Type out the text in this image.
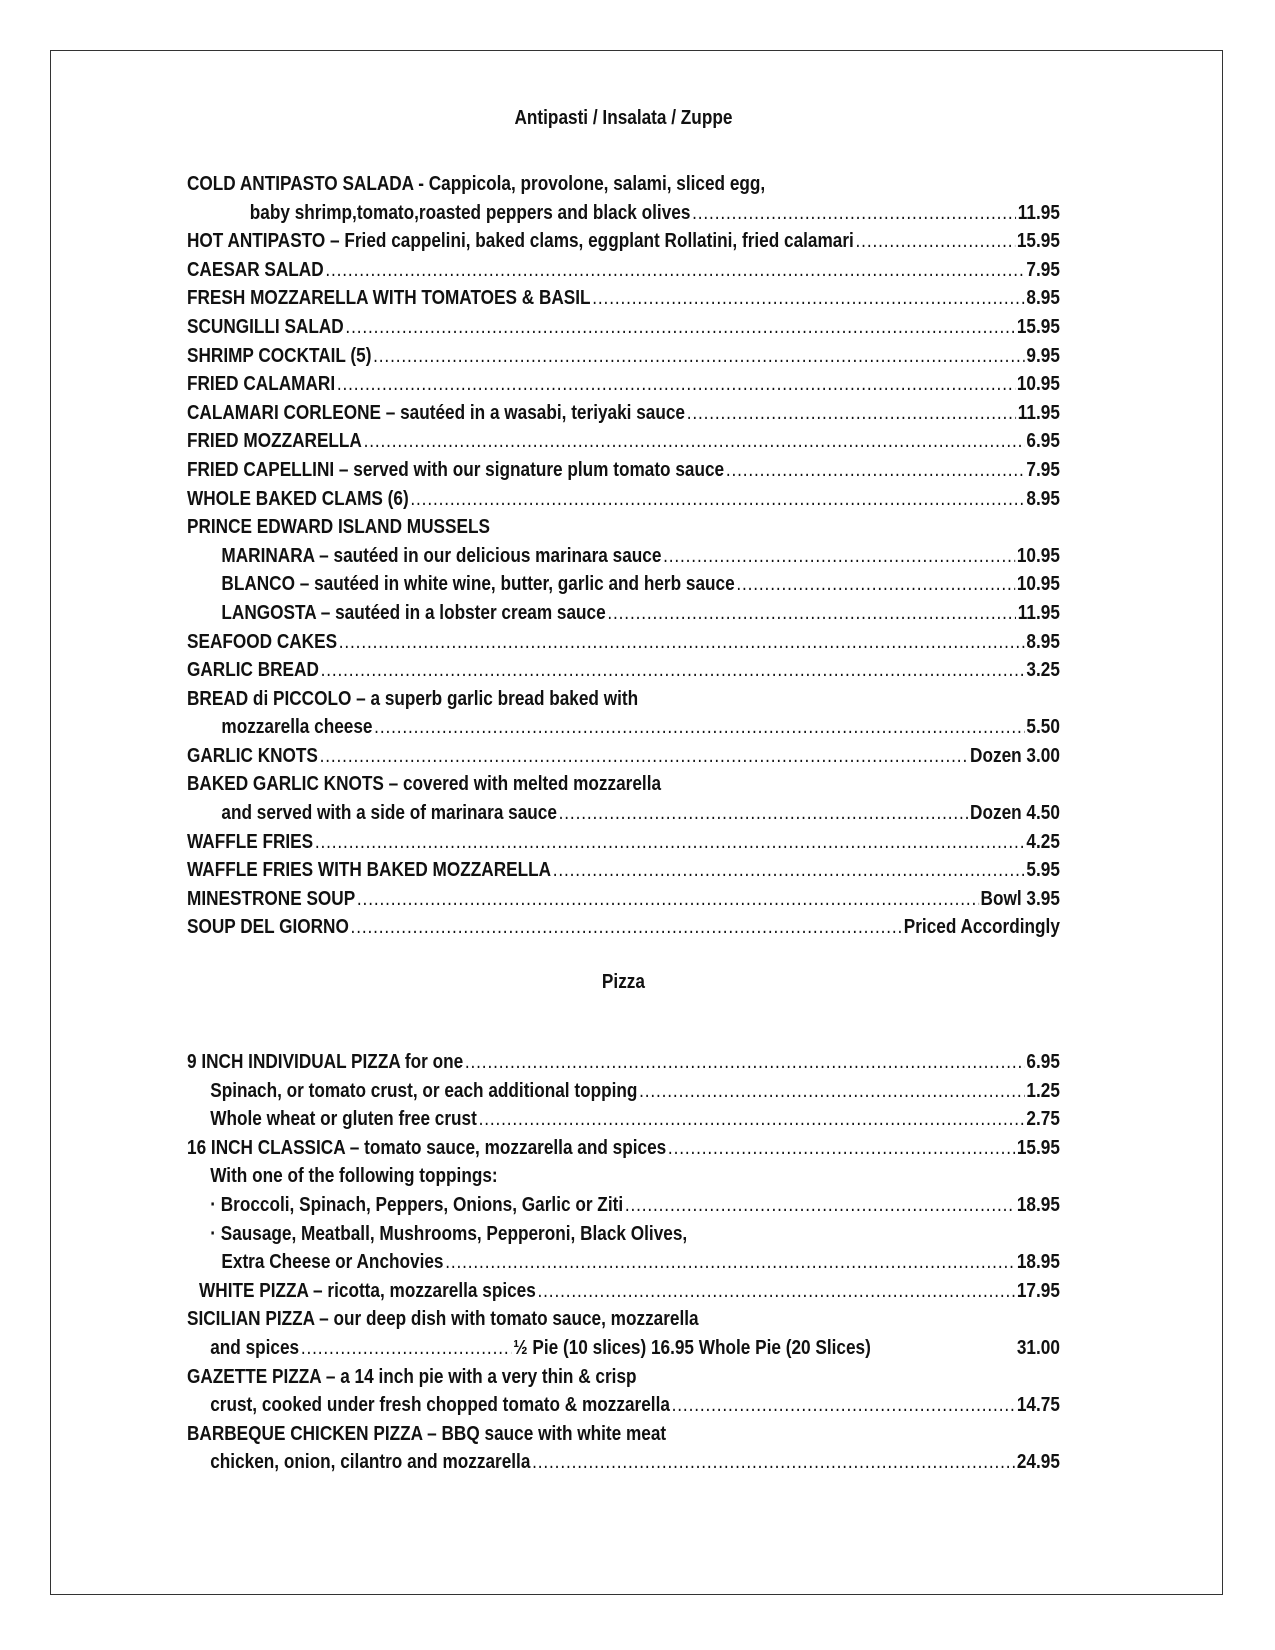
Antipasti / Insalata / Zuppe
COLD ANTIPASTO SALADA - Cappicola, provolone, salami, sliced egg,
baby shrimp,tomato,roasted peppers and black olives .....	11.95
HOT ANTIPASTO – Fried cappelini, baked clams, eggplant Rollatini, fried calamari .....	15.95
CAESAR SALAD .....	7.95
FRESH MOZZARELLA WITH TOMATOES & BASIL .....	8.95
SCUNGILLI SALAD .....	15.95
SHRIMP COCKTAIL (5) .....	9.95
FRIED CALAMARI .....	10.95
CALAMARI CORLEONE – sautéed in a wasabi, teriyaki sauce .....	11.95
FRIED MOZZARELLA .....	6.95
FRIED CAPELLINI – served with our signature plum tomato sauce .....	7.95
WHOLE BAKED CLAMS (6) .....	8.95
PRINCE EDWARD ISLAND MUSSELS
MARINARA – sautéed in our delicious marinara sauce .....	10.95
BLANCO – sautéed in white wine, butter, garlic and herb sauce .....	10.95
LANGOSTA – sautéed in a lobster cream sauce .....	11.95
SEAFOOD CAKES .....	8.95
GARLIC BREAD .....	3.25
BREAD di PICCOLO – a superb garlic bread baked with
mozzarella cheese .....	5.50
GARLIC KNOTS .....	Dozen 3.00
BAKED GARLIC KNOTS – covered with melted mozzarella
and served with a side of marinara sauce .....	Dozen 4.50
WAFFLE FRIES .....	4.25
WAFFLE FRIES WITH BAKED MOZZARELLA .....	5.95
MINESTRONE SOUP .....	Bowl 3.95
SOUP DEL GIORNO .....	Priced Accordingly
Pizza
9 INCH INDIVIDUAL PIZZA for one .....	6.95
Spinach, or tomato crust, or each additional topping .....	1.25
Whole wheat or gluten free crust .....	2.75
16 INCH CLASSICA – tomato sauce, mozzarella and spices .....	15.95
With one of the following toppings:
· Broccoli, Spinach, Peppers, Onions, Garlic or Ziti .....	18.95
· Sausage, Meatball, Mushrooms, Pepperoni, Black Olives,
Extra Cheese or Anchovies .....	18.95
WHITE PIZZA – ricotta, mozzarella spices .....	17.95
SICILIAN PIZZA – our deep dish with tomato sauce, mozzarella
and spices .....	½ Pie (10 slices) 16.95 Whole Pie (20 Slices)	31.00
GAZETTE PIZZA – a 14 inch pie with a very thin & crisp
crust, cooked under fresh chopped tomato & mozzarella .....	14.75
BARBEQUE CHICKEN PIZZA – BBQ sauce with white meat
chicken, onion, cilantro and mozzarella .....	24.95
